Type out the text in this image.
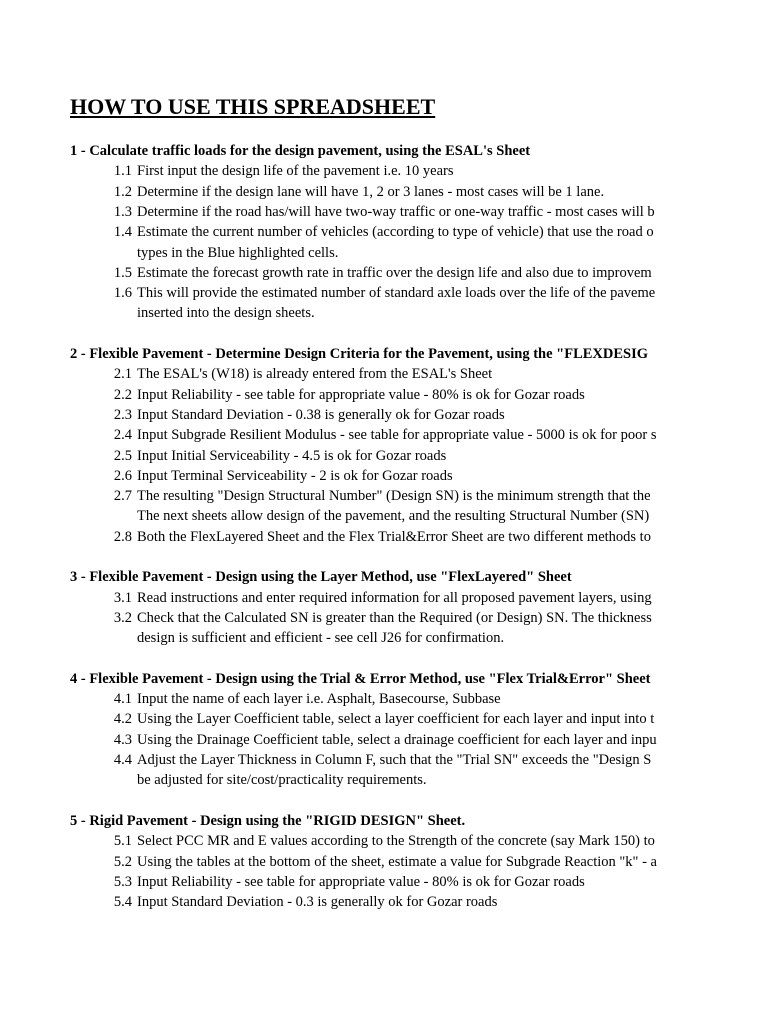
HOW TO USE THIS SPREADSHEET
1 - Calculate traffic loads for the design pavement, using the ESAL's Sheet
1.1 First input the design life of the pavement i.e. 10 years
1.2 Determine if the design lane will have 1, 2 or 3 lanes - most cases will be 1 lane.
1.3 Determine if the road has/will have two-way traffic or one-way traffic - most cases will b
1.4 Estimate the current number of vehicles (according to type of vehicle) that use the road o
types in the Blue highlighted cells.
1.5 Estimate the forecast growth rate in traffic over the design life and also due to improvem
1.6 This will provide the estimated number of standard axle loads over the life of the paveme
inserted into the design sheets.
2 - Flexible Pavement - Determine Design Criteria for the Pavement, using the "FLEXDESIG
2.1 The ESAL's (W18) is already entered from the ESAL's Sheet
2.2 Input Reliability - see table for appropriate value - 80% is ok for Gozar roads
2.3 Input Standard Deviation - 0.38 is generally ok for Gozar roads
2.4 Input Subgrade Resilient Modulus - see table for appropriate value - 5000 is ok for poor s
2.5 Input Initial Serviceability - 4.5 is ok for Gozar roads
2.6 Input Terminal Serviceability - 2 is ok for Gozar roads
2.7 The resulting "Design Structural Number" (Design SN) is the minimum strength that the
The next sheets allow design of the pavement, and the resulting Structural Number (SN)
2.8 Both the FlexLayered Sheet and the Flex Trial&Error Sheet are two different methods to
3 - Flexible Pavement - Design using the Layer Method, use "FlexLayered" Sheet
3.1 Read instructions and enter required information for all proposed pavement layers, using
3.2 Check that the Calculated SN is greater than the Required (or Design) SN. The thickness
design is sufficient and efficient - see cell J26 for confirmation.
4 - Flexible Pavement - Design using the Trial & Error Method, use "Flex Trial&Error" Sheet
4.1 Input the name of each layer i.e. Asphalt, Basecourse, Subbase
4.2 Using the Layer Coefficient table, select a layer coefficient for each layer and input into t
4.3 Using the Drainage Coefficient table, select a drainage coefficient for each layer and inpu
4.4 Adjust the Layer Thickness in Column F, such that the "Trial SN" exceeds the "Design S
be adjusted for site/cost/practicality requirements.
5 - Rigid Pavement - Design using the "RIGID DESIGN" Sheet.
5.1 Select PCC MR and E values according to the Strength of the concrete (say Mark 150) to
5.2 Using the tables at the bottom of the sheet, estimate a value for Subgrade Reaction "k" - a
5.3 Input Reliability - see table for appropriate value - 80% is ok for Gozar roads
5.4 Input Standard Deviation - 0.3 is generally ok for Gozar roads
